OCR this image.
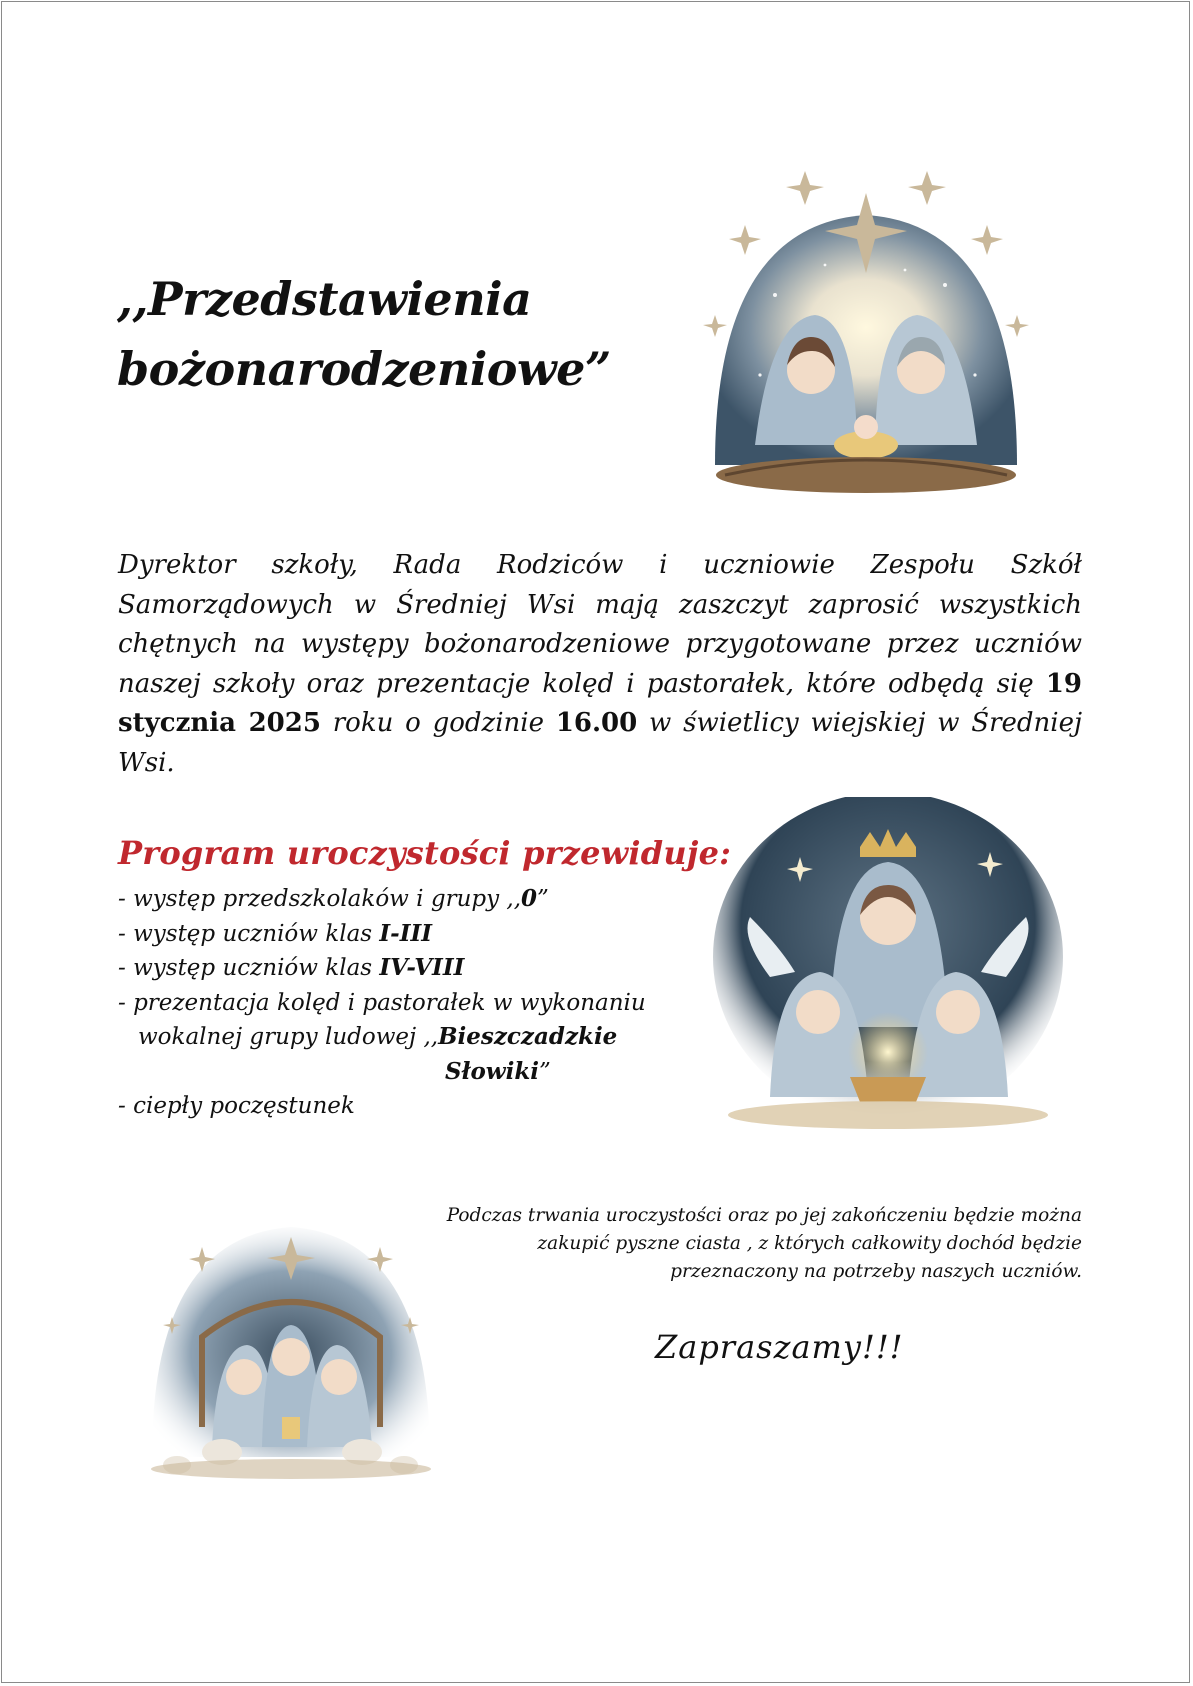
,,Przedstawienia
bożonarodzeniowe”

Dyrektor szkoły, Rada Rodziców i uczniowie Zespołu Szkół Samorządowych w Średniej Wsi mają zaszczyt zaprosić wszystkich chętnych na występy bożonarodzeniowe przygotowane przez uczniów naszej szkoły oraz prezentacje kolęd i pastorałek, które odbędą się 19 stycznia 2025 roku o godzinie 16.00 w świetlicy wiejskiej w Średniej Wsi.

Program uroczystości przewiduje:
- występ przedszkolaków i grupy ,,0”
- występ uczniów klas I-III
- występ uczniów klas IV-VIII
- prezentacja kolęd i pastorałek w wykonaniu
wokalnej grupy ludowej ,,Bieszczadzkie
Słowiki”
- ciepły poczęstunek

Podczas trwania uroczystości oraz po jej zakończeniu będzie można
zakupić pyszne ciasta , z których całkowity dochód będzie
przeznaczony na potrzeby naszych uczniów.

Zapraszamy!!!
